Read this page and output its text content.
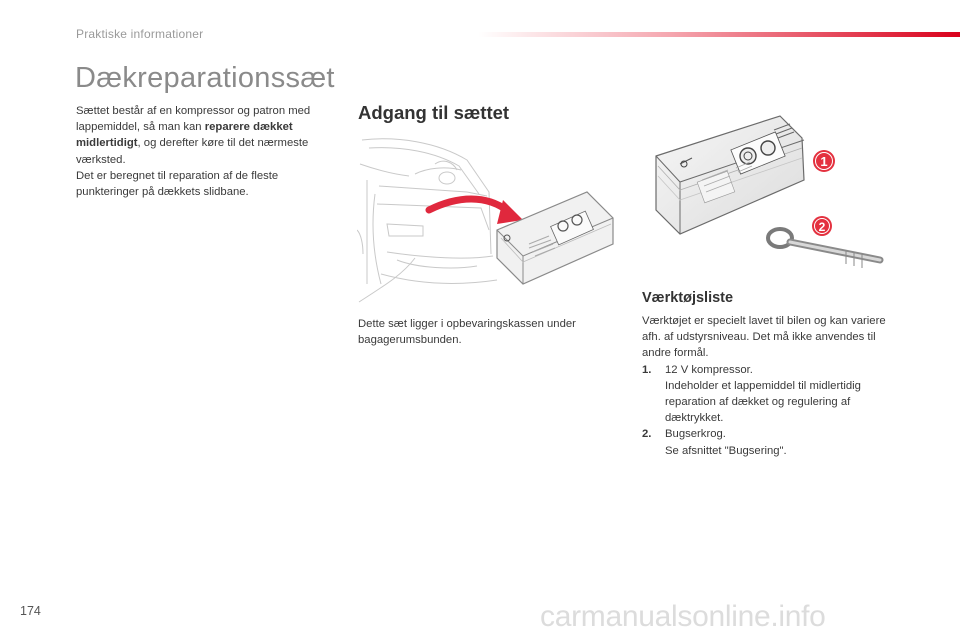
Praktiske informationer
Dækreparationssæt
Sættet består af en kompressor og patron med lappemiddel, så man kan reparere dækket midlertidigt, og derefter køre til det nærmeste værksted.
Det er beregnet til reparation af de fleste punkteringer på dækkets slidbane.
Adgang til sættet
1
2
Dette sæt ligger i opbevaringskassen under bagagerumsbunden.
Værktøjsliste
Værktøjet er specielt lavet til bilen og kan variere afh. af udstyrsniveau. Det må ikke anvendes til andre formål.
1. 12 V kompressor.
Indeholder et lappemiddel til midlertidig reparation af dækket og regulering af dæktrykket.
2. Bugserkrog.
Se afsnittet "Bugsering".
174	carmanualsonline.info
